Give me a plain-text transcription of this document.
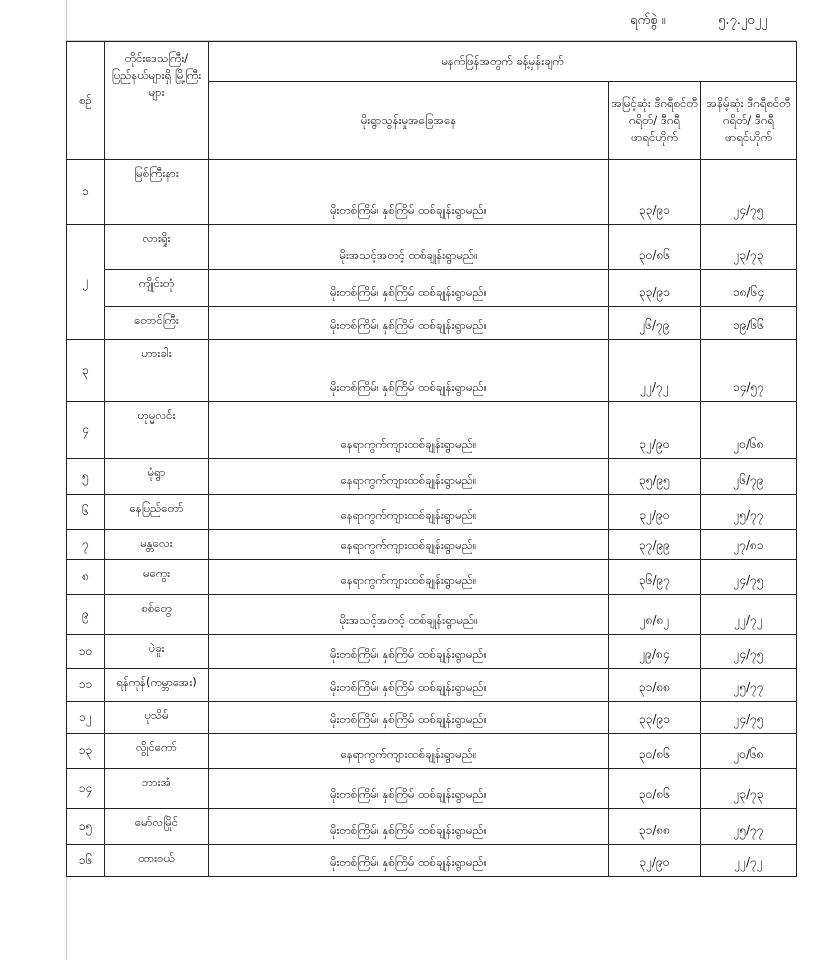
ရက်စွဲ ။	၅.၇.၂၀၂၂
စဉ်	တိုင်းဒေသကြီး/ ပြည်နယ်များရှိ မြို့ကြီးများ	မနက်ဖြန်အတွက် ခန့်မှန်းချက်		
		မိုးရွာသွန်းမှုအခြေအနေ	အမြင့်ဆုံး ဒီဂရီစင်တီဂရိတ်/ ဒီဂရီဖာရင်ဟိုက်	အနိမ့်ဆုံး ဒီဂရီစင်တီဂရိတ်/ ဒီဂရီဖာရင်ဟိုက်
၁	မြစ်ကြီးနား	မိုးတစ်ကြိမ်၊ နှစ်ကြိမ် ထစ်ချုန်းရွာမည်။	၃၃/၉၁	၂၄/၇၅
၂	လားရှိုး	မိုးအသင့်အတင့် ထစ်ချုန်းရွာမည်။	၃၀/၈၆	၂၃/၇၃
	ကျိုင်းတုံ	မိုးတစ်ကြိမ်၊ နှစ်ကြိမ် ထစ်ချုန်းရွာမည်။	၃၃/၉၁	၁၈/၆၄
	တောင်ကြီး	မိုးတစ်ကြိမ်၊ နှစ်ကြိမ် ထစ်ချုန်းရွာမည်။	၂၆/၇၉	၁၉/၆၆
၃	ဟားခါး	မိုးတစ်ကြိမ်၊ နှစ်ကြိမ် ထစ်ချုန်းရွာမည်။	၂၂/၇၂	၁၄/၅၇
၄	ဟုမ္မလင်း	နေရာကွက်ကျားထစ်ချုန်းရွာမည်။	၃၂/၉၀	၂၀/၆၈
၅	မုံရွာ	နေရာကွက်ကျားထစ်ချုန်းရွာမည်။	၃၅/၉၅	၂၆/၇၉
၆	နေပြည်တော်	နေရာကွက်ကျားထစ်ချုန်းရွာမည်။	၃၂/၉၀	၂၅/၇၇
၇	မန္တလေး	နေရာကွက်ကျားထစ်ချုန်းရွာမည်။	၃၇/၉၉	၂၇/၈၁
၈	မကွေး	နေရာကွက်ကျားထစ်ချုန်းရွာမည်။	၃၆/၉၇	၂၄/၇၅
၉	စစ်တွေ	မိုးအသင့်အတင့် ထစ်ချုန်းရွာမည်။	၂၈/၈၂	၂၂/၇၂
၁၀	ပဲခူး	မိုးတစ်ကြိမ်၊ နှစ်ကြိမ် ထစ်ချုန်းရွာမည်။	၂၉/၈၄	၂၄/၇၅
၁၁	ရန်ကုန်(ကမ္ဘာအေး)	မိုးတစ်ကြိမ်၊ နှစ်ကြိမ် ထစ်ချုန်းရွာမည်။	၃၁/၈၈	၂၅/၇၇
၁၂	ပုသိမ်	မိုးတစ်ကြိမ်၊ နှစ်ကြိမ် ထစ်ချုန်းရွာမည်။	၃၃/၉၁	၂၄/၇၅
၁၃	လွိုင်ကော်	နေရာကွက်ကျားထစ်ချုန်းရွာမည်။	၃၀/၈၆	၂၀/၆၈
၁၄	ဘားအံ	မိုးတစ်ကြိမ်၊ နှစ်ကြိမ် ထစ်ချုန်းရွာမည်။	၃၀/၈၆	၂၃/၇၃
၁၅	မော်လမြိုင်	မိုးတစ်ကြိမ်၊ နှစ်ကြိမ် ထစ်ချုန်းရွာမည်။	၃၁/၈၈	၂၅/၇၇
၁၆	ထားဝယ်	မိုးတစ်ကြိမ်၊ နှစ်ကြိမ် ထစ်ချုန်းရွာမည်။	၃၂/၉၀	၂၂/၇၂
